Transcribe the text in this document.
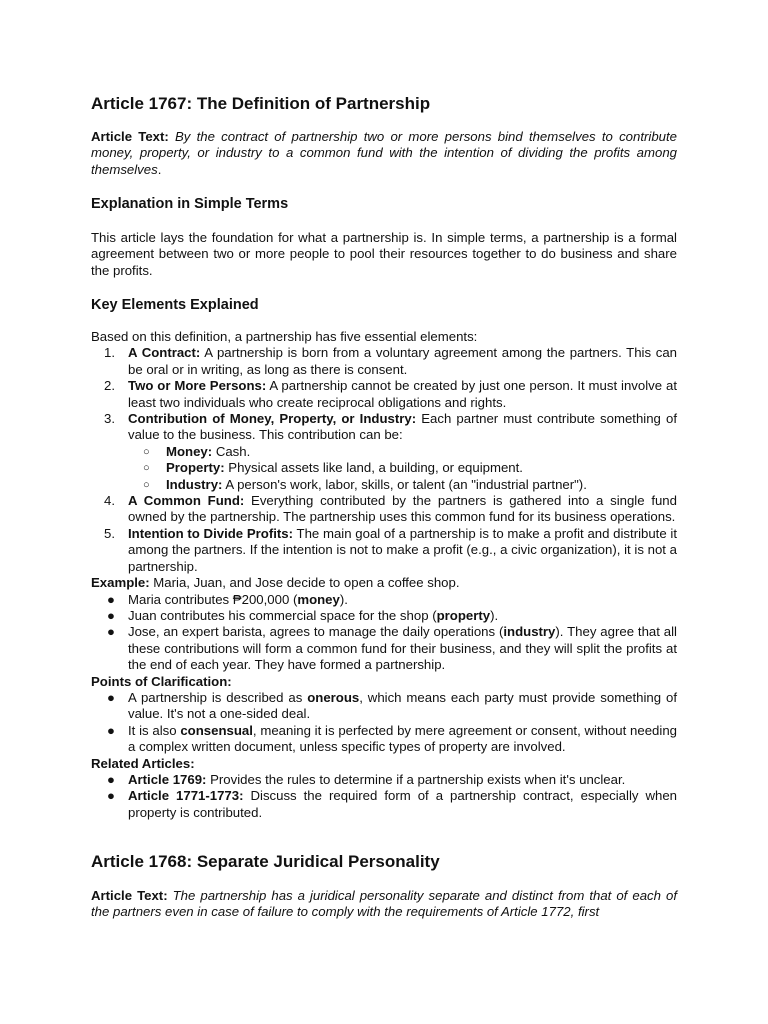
Article 1767: The Definition of Partnership
Article Text: By the contract of partnership two or more persons bind themselves to contribute money, property, or industry to a common fund with the intention of dividing the profits among themselves.
Explanation in Simple Terms
This article lays the foundation for what a partnership is. In simple terms, a partnership is a formal agreement between two or more people to pool their resources together to do business and share the profits.
Key Elements Explained

Based on this definition, a partnership has five essential elements:

1. A Contract: A partnership is born from a voluntary agreement among the partners. This can be oral or in writing, as long as there is consent.
2. Two or More Persons: A partnership cannot be created by just one person. It must involve at least two individuals who create reciprocal obligations and rights.
3. Contribution of Money, Property, or Industry: Each partner must contribute something of value to the business. This contribution can be:
○ Money: Cash.
○ Property: Physical assets like land, a building, or equipment.
○ Industry: A person's work, labor, skills, or talent (an "industrial partner").
4. A Common Fund: Everything contributed by the partners is gathered into a single fund owned by the partnership. The partnership uses this common fund for its business operations.
5. Intention to Divide Profits: The main goal of a partnership is to make a profit and distribute it among the partners. If the intention is not to make a profit (e.g., a civic organization), it is not a partnership.

Example: Maria, Juan, and Jose decide to open a coffee shop.

● Maria contributes ₱200,000 (money).
● Juan contributes his commercial space for the shop (property).
● Jose, an expert barista, agrees to manage the daily operations (industry). They agree that all these contributions will form a common fund for their business, and they will split the profits at the end of each year. They have formed a partnership.

Points of Clarification:

● A partnership is described as onerous, which means each party must provide something of value. It's not a one-sided deal.
● It is also consensual, meaning it is perfected by mere agreement or consent, without needing a complex written document, unless specific types of property are involved.

Related Articles:

● Article 1769: Provides the rules to determine if a partnership exists when it's unclear.
● Article 1771-1773: Discuss the required form of a partnership contract, especially when property is contributed.
Article 1768: Separate Juridical Personality
Article Text: The partnership has a juridical personality separate and distinct from that of each of the partners even in case of failure to comply with the requirements of Article 1772, first
